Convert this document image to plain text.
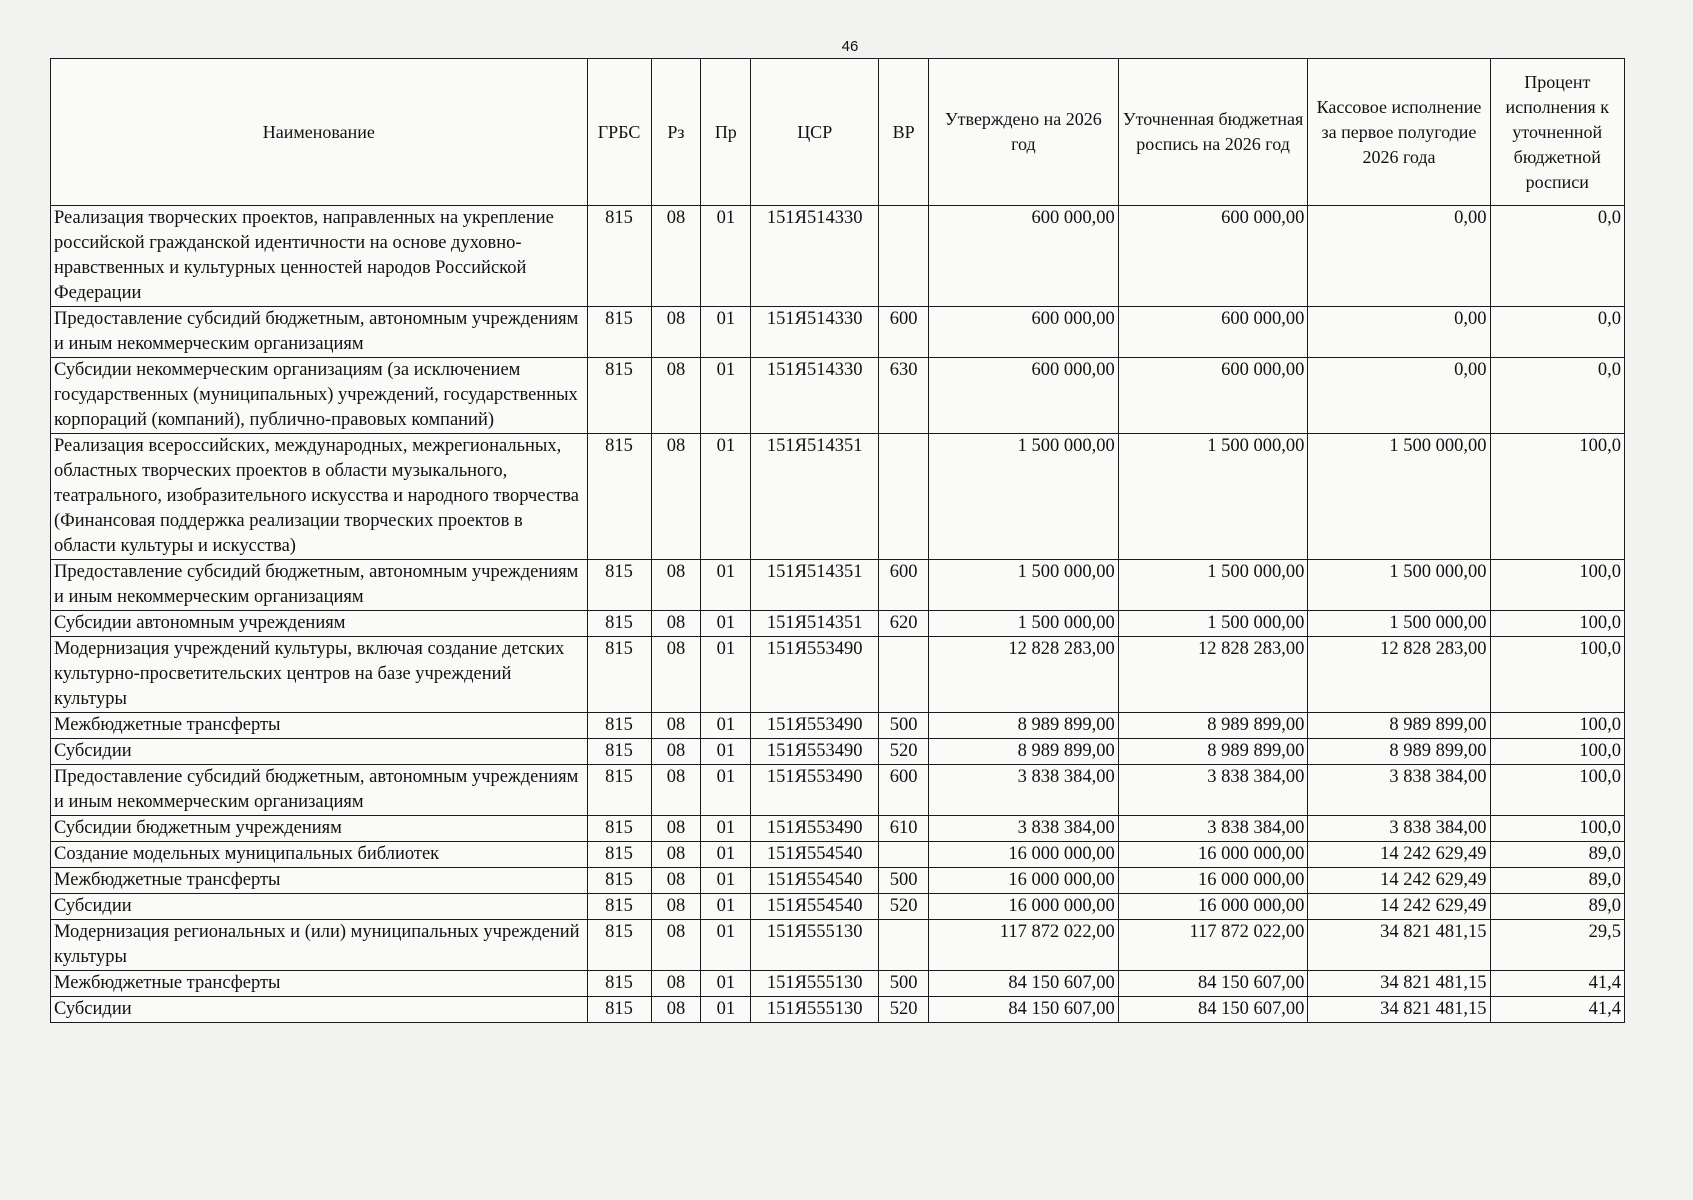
46
Наименование	ГРБС	Рз	Пр	ЦСР	ВР	Утверждено на 2026 год	Уточненная бюджетная роспись на 2026 год	Кассовое исполнение за первое полугодие 2026 года	Процент исполнения к уточненной бюджетной росписи
Реализация творческих проектов, направленных на укрепление российской гражданской идентичности на основе духовно-нравственных и культурных ценностей народов Российской Федерации	815	08	01	151Я514330		600 000,00	600 000,00	0,00	0,0
Предоставление субсидий бюджетным, автономным учреждениям и иным некоммерческим организациям	815	08	01	151Я514330	600	600 000,00	600 000,00	0,00	0,0
Субсидии некоммерческим организациям (за исключением государственных (муниципальных) учреждений, государственных корпораций (компаний), публично-правовых компаний)	815	08	01	151Я514330	630	600 000,00	600 000,00	0,00	0,0
Реализация всероссийских, международных, межрегиональных, областных творческих проектов в области музыкального, театрального, изобразительного искусства и народного творчества (Финансовая поддержка реализации творческих проектов в области культуры и искусства)	815	08	01	151Я514351		1 500 000,00	1 500 000,00	1 500 000,00	100,0
Предоставление субсидий бюджетным, автономным учреждениям и иным некоммерческим организациям	815	08	01	151Я514351	600	1 500 000,00	1 500 000,00	1 500 000,00	100,0
Субсидии автономным учреждениям	815	08	01	151Я514351	620	1 500 000,00	1 500 000,00	1 500 000,00	100,0
Модернизация учреждений культуры, включая создание детских культурно-просветительских центров на базе учреждений культуры	815	08	01	151Я553490		12 828 283,00	12 828 283,00	12 828 283,00	100,0
Межбюджетные трансферты	815	08	01	151Я553490	500	8 989 899,00	8 989 899,00	8 989 899,00	100,0
Субсидии	815	08	01	151Я553490	520	8 989 899,00	8 989 899,00	8 989 899,00	100,0
Предоставление субсидий бюджетным, автономным учреждениям и иным некоммерческим организациям	815	08	01	151Я553490	600	3 838 384,00	3 838 384,00	3 838 384,00	100,0
Субсидии бюджетным учреждениям	815	08	01	151Я553490	610	3 838 384,00	3 838 384,00	3 838 384,00	100,0
Создание модельных муниципальных библиотек	815	08	01	151Я554540		16 000 000,00	16 000 000,00	14 242 629,49	89,0
Межбюджетные трансферты	815	08	01	151Я554540	500	16 000 000,00	16 000 000,00	14 242 629,49	89,0
Субсидии	815	08	01	151Я554540	520	16 000 000,00	16 000 000,00	14 242 629,49	89,0
Модернизация региональных и (или) муниципальных учреждений культуры	815	08	01	151Я555130		117 872 022,00	117 872 022,00	34 821 481,15	29,5
Межбюджетные трансферты	815	08	01	151Я555130	500	84 150 607,00	84 150 607,00	34 821 481,15	41,4
Субсидии	815	08	01	151Я555130	520	84 150 607,00	84 150 607,00	34 821 481,15	41,4
